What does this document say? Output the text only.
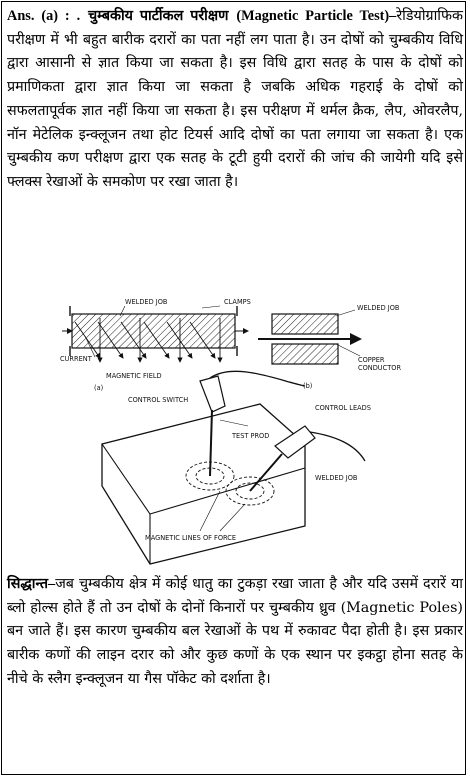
Ans. (a) : . चुम्बकीय पार्टीकल परीक्षण (Magnetic Particle Test)–रेडियोग्राफिक परीक्षण में भी बहुत बारीक दरारों का पता नहीं लग पाता है। उन दोषों को चुम्बकीय विधि द्वारा आसानी से ज्ञात किया जा सकता है। इस विधि द्वारा सतह के पास के दोषों को प्रमाणिकता द्वारा ज्ञात किया जा सकता है जबकि अधिक गहराई के दोषों को सफलतापूर्वक ज्ञात नहीं किया जा सकता है। इस परीक्षण में थर्मल क्रैक, लैप, ओवरलैप, नॉन मेटेलिक इन्क्लूजन तथा होट टियर्स आदि दोषों का पता लगाया जा सकता है। एक चुम्बकीय कण परीक्षण द्वारा एक सतह के टूटी हुयी दरारों की जांच की जायेगी यदि इसे फ्लक्स रेखाओं के समकोण पर रखा जाता है।

WELDED JOB	CLAMPS
CURRENT
MAGNETIC FIELD
(a)
WELDED JOB
COPPER
CONDUCTOR
(b)
CONTROL SWITCH
CONTROL LEADS
TEST PROD
WELDED JOB
MAGNETIC LINES OF FORCE

सिद्धान्त–जब चुम्बकीय क्षेत्र में कोई धातु का टुकड़ा रखा जाता है और यदि उसमें दरारें या ब्लो होल्स होते हैं तो उन दोषों के दोनों किनारों पर चुम्बकीय ध्रुव (Magnetic Poles) बन जाते हैं। इस कारण चुम्बकीय बल रेखाओं के पथ में रुकावट पैदा होती है। इस प्रकार बारीक कणों की लाइन दरार को और कुछ कणों के एक स्थान पर इकट्ठा होना सतह के नीचे के स्लैग इन्क्लूजन या गैस पॉकेट को दर्शाता है।
